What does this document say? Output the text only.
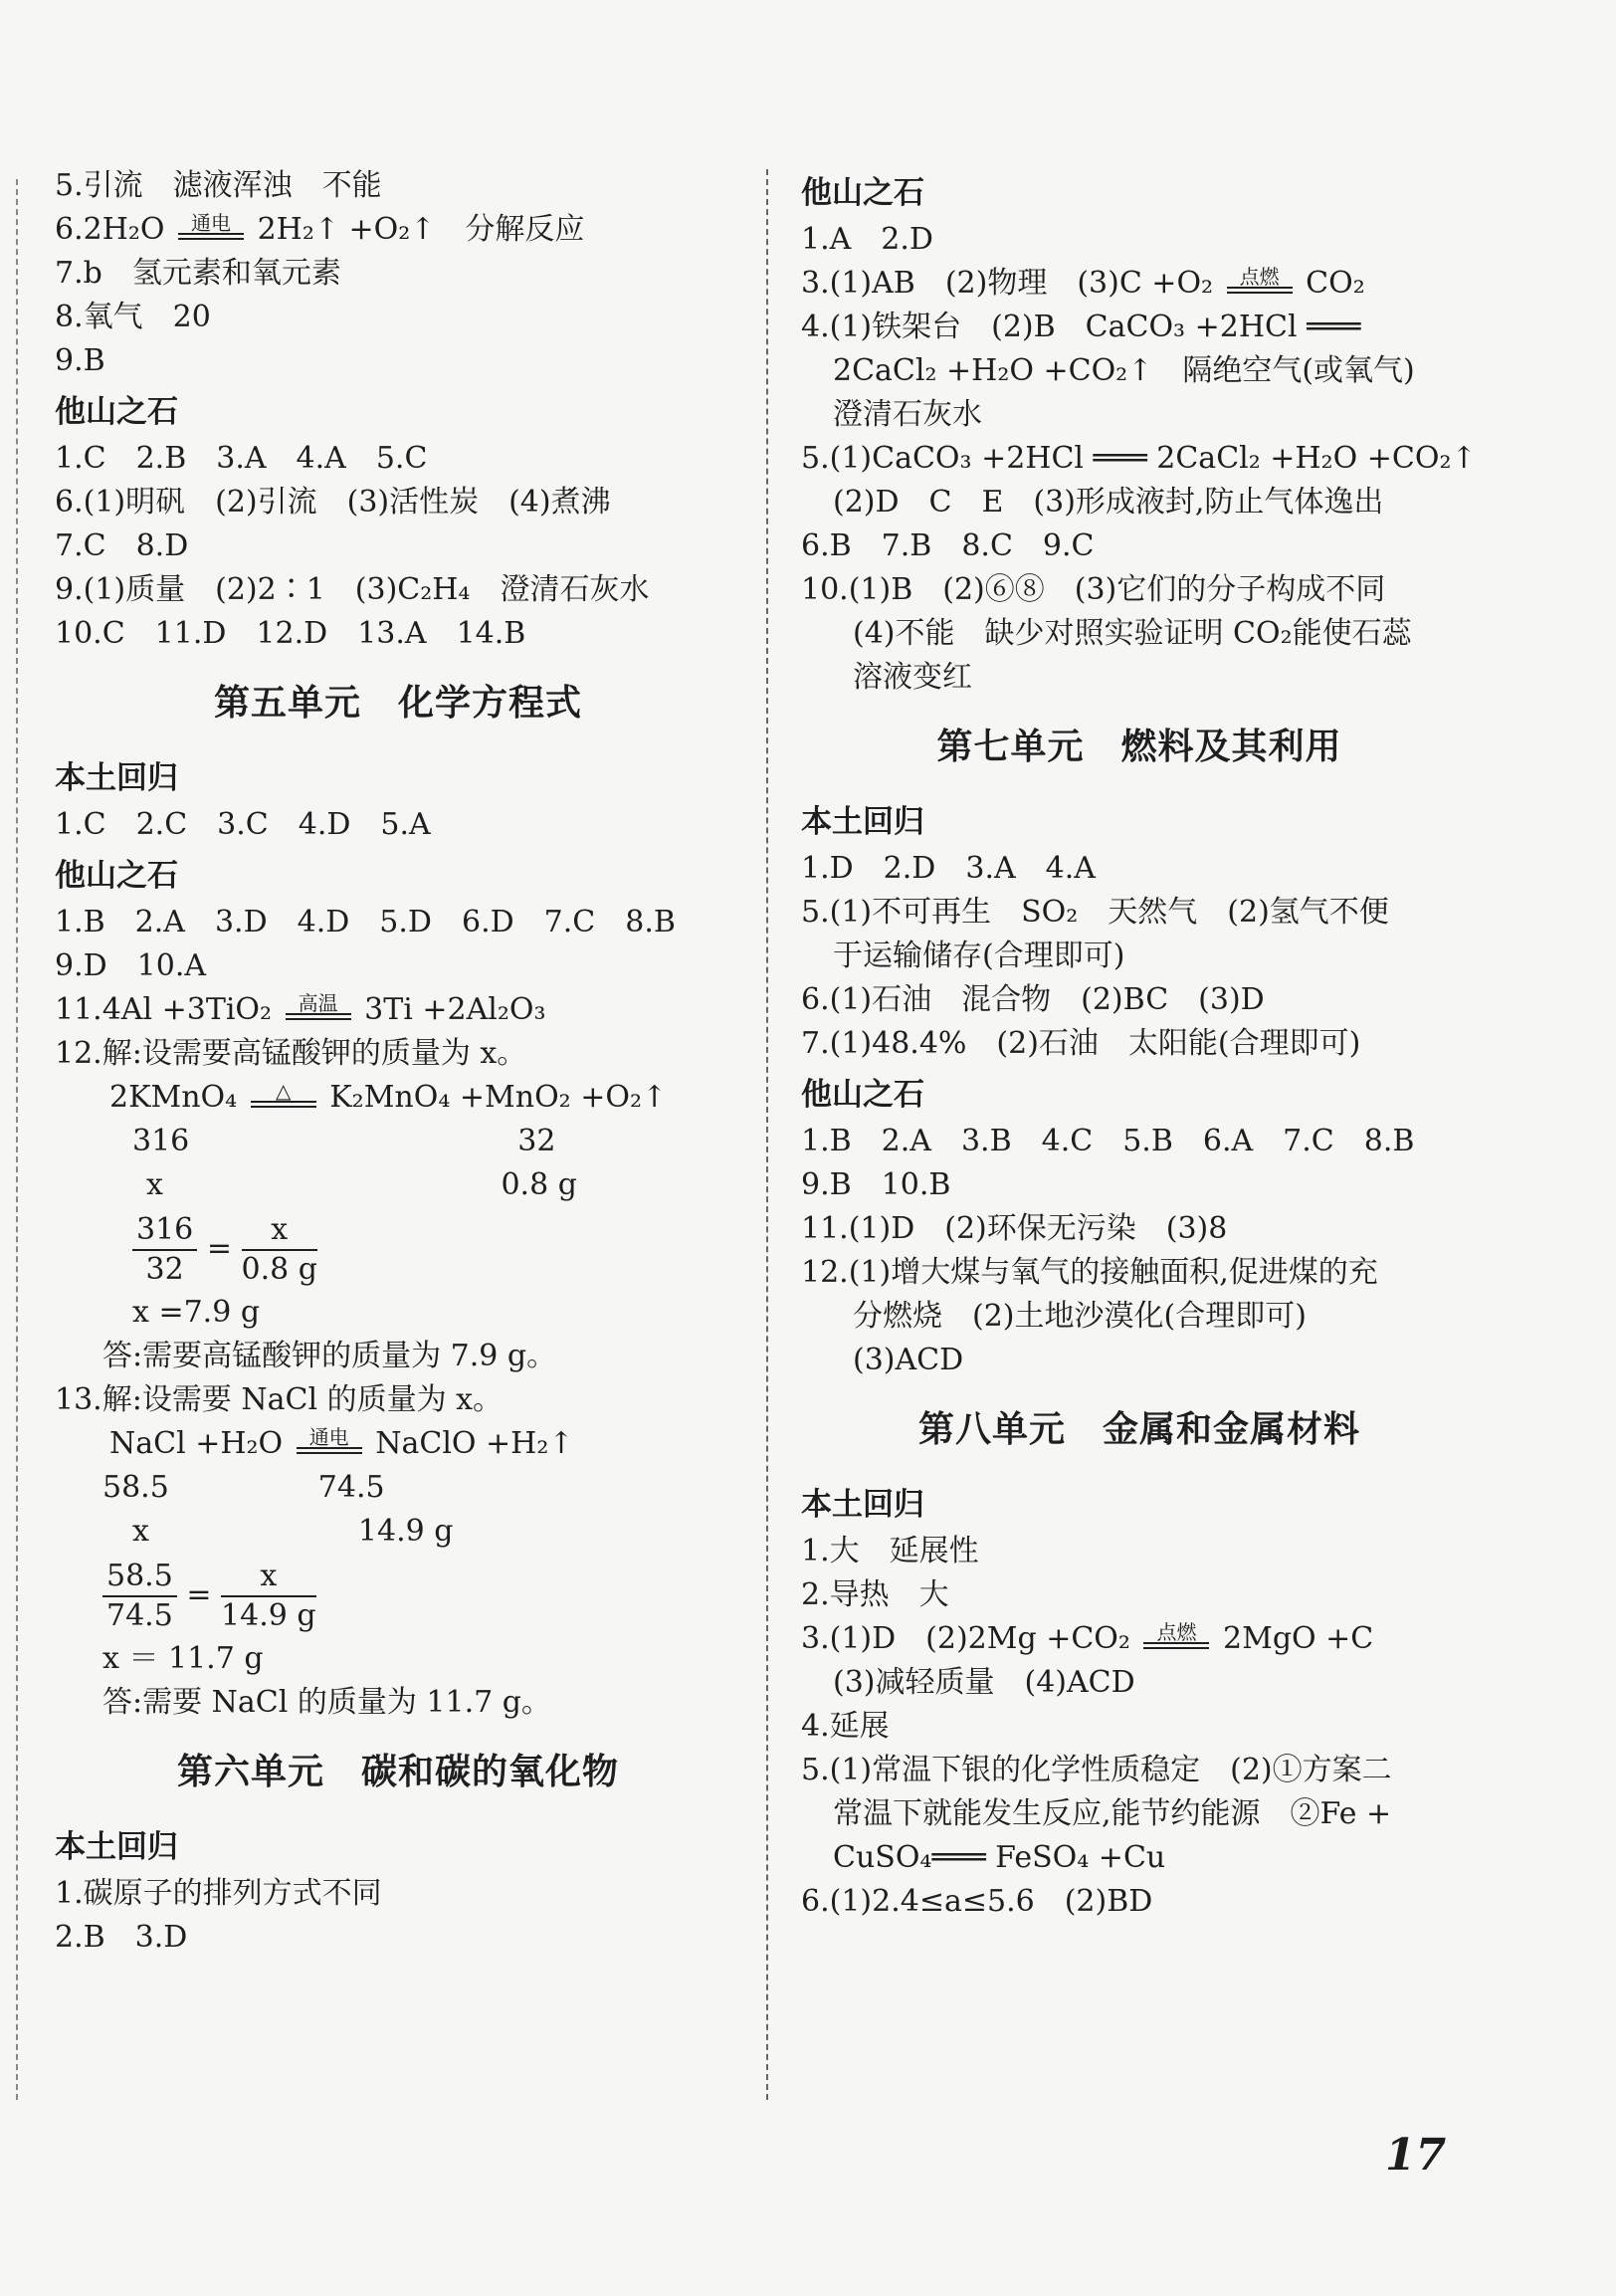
5.引流　滤液浑浊　不能
6.2H₂O	通电 2H₂↑ +O₂↑　分解反应
7.b　氢元素和氧元素
8.氧气　20
9.B
他山之石
1.C　2.B　3.A　4.A　5.C
6.(1)明矾　(2)引流　(3)活性炭　(4)煮沸
7.C　8.D
9.(1)质量　(2)2∶1　(3)C₂H₄　澄清石灰水
10.C　11.D　12.D　13.A　14.B
第五单元　化学方程式
本土回归
1.C　2.C　3.C　4.D　5.A
他山之石
1.B　2.A　3.D　4.D　5.D　6.D　7.C　8.B
9.D　10.A
11.4Al +3TiO₂	高温 3Ti +2Al₂O₃
12.解:设需要高锰酸钾的质量为 x。
2KMnO₄	△	K₂MnO₄ +MnO₂ +O₂↑
316　　　　　　　　　　　32
x　　　　　　　　　　　 0.8 g
$\frac{316}{32} = \frac{x}{0.8 g}$
x =7.9 g
答:需要高锰酸钾的质量为 7.9 g。
13.解:设需要 NaCl 的质量为 x。
NaCl +H₂O	通电 NaClO +H₂↑
58.5　　　　　74.5
x　　　　　　　14.9 g
$\frac{58.5}{74.5} = \frac{x}{14.9 g}$
x ＝ 11.7 g
答:需要 NaCl 的质量为 11.7 g。
第六单元　碳和碳的氧化物
本土回归
1.碳原子的排列方式不同
2.B　3.D
他山之石
1.A　2.D
3.(1)AB　(2)物理　(3)C +O₂	点燃 CO₂
4.(1)铁架台　(2)B　CaCO₃ +2HCl ═══
2CaCl₂ +H₂O +CO₂↑　隔绝空气(或氧气)
澄清石灰水
5.(1)CaCO₃ +2HCl ═══ 2CaCl₂ +H₂O +CO₂↑
(2)D　C　E　(3)形成液封,防止气体逸出
6.B　7.B　8.C　9.C
10.(1)B　(2)⑥⑧　(3)它们的分子构成不同
(4)不能　缺少对照实验证明 CO₂能使石蕊
溶液变红
第七单元　燃料及其利用
本土回归
1.D　2.D　3.A　4.A
5.(1)不可再生　SO₂　天然气　(2)氢气不便
于运输储存(合理即可)
6.(1)石油　混合物　(2)BC　(3)D
7.(1)48.4%　(2)石油　太阳能(合理即可)
他山之石
1.B　2.A　3.B　4.C　5.B　6.A　7.C　8.B
9.B　10.B
11.(1)D　(2)环保无污染　(3)8
12.(1)增大煤与氧气的接触面积,促进煤的充
分燃烧　(2)土地沙漠化(合理即可)
(3)ACD
第八单元　金属和金属材料
本土回归
1.大　延展性
2.导热　大
3.(1)D　(2)2Mg +CO₂	点燃 2MgO +C
(3)减轻质量　(4)ACD
4.延展
5.(1)常温下银的化学性质稳定　(2)①方案二
常温下就能发生反应,能节约能源　②Fe +
CuSO₄═══ FeSO₄ +Cu
6.(1)2.4≤a≤5.6　(2)BD
17
